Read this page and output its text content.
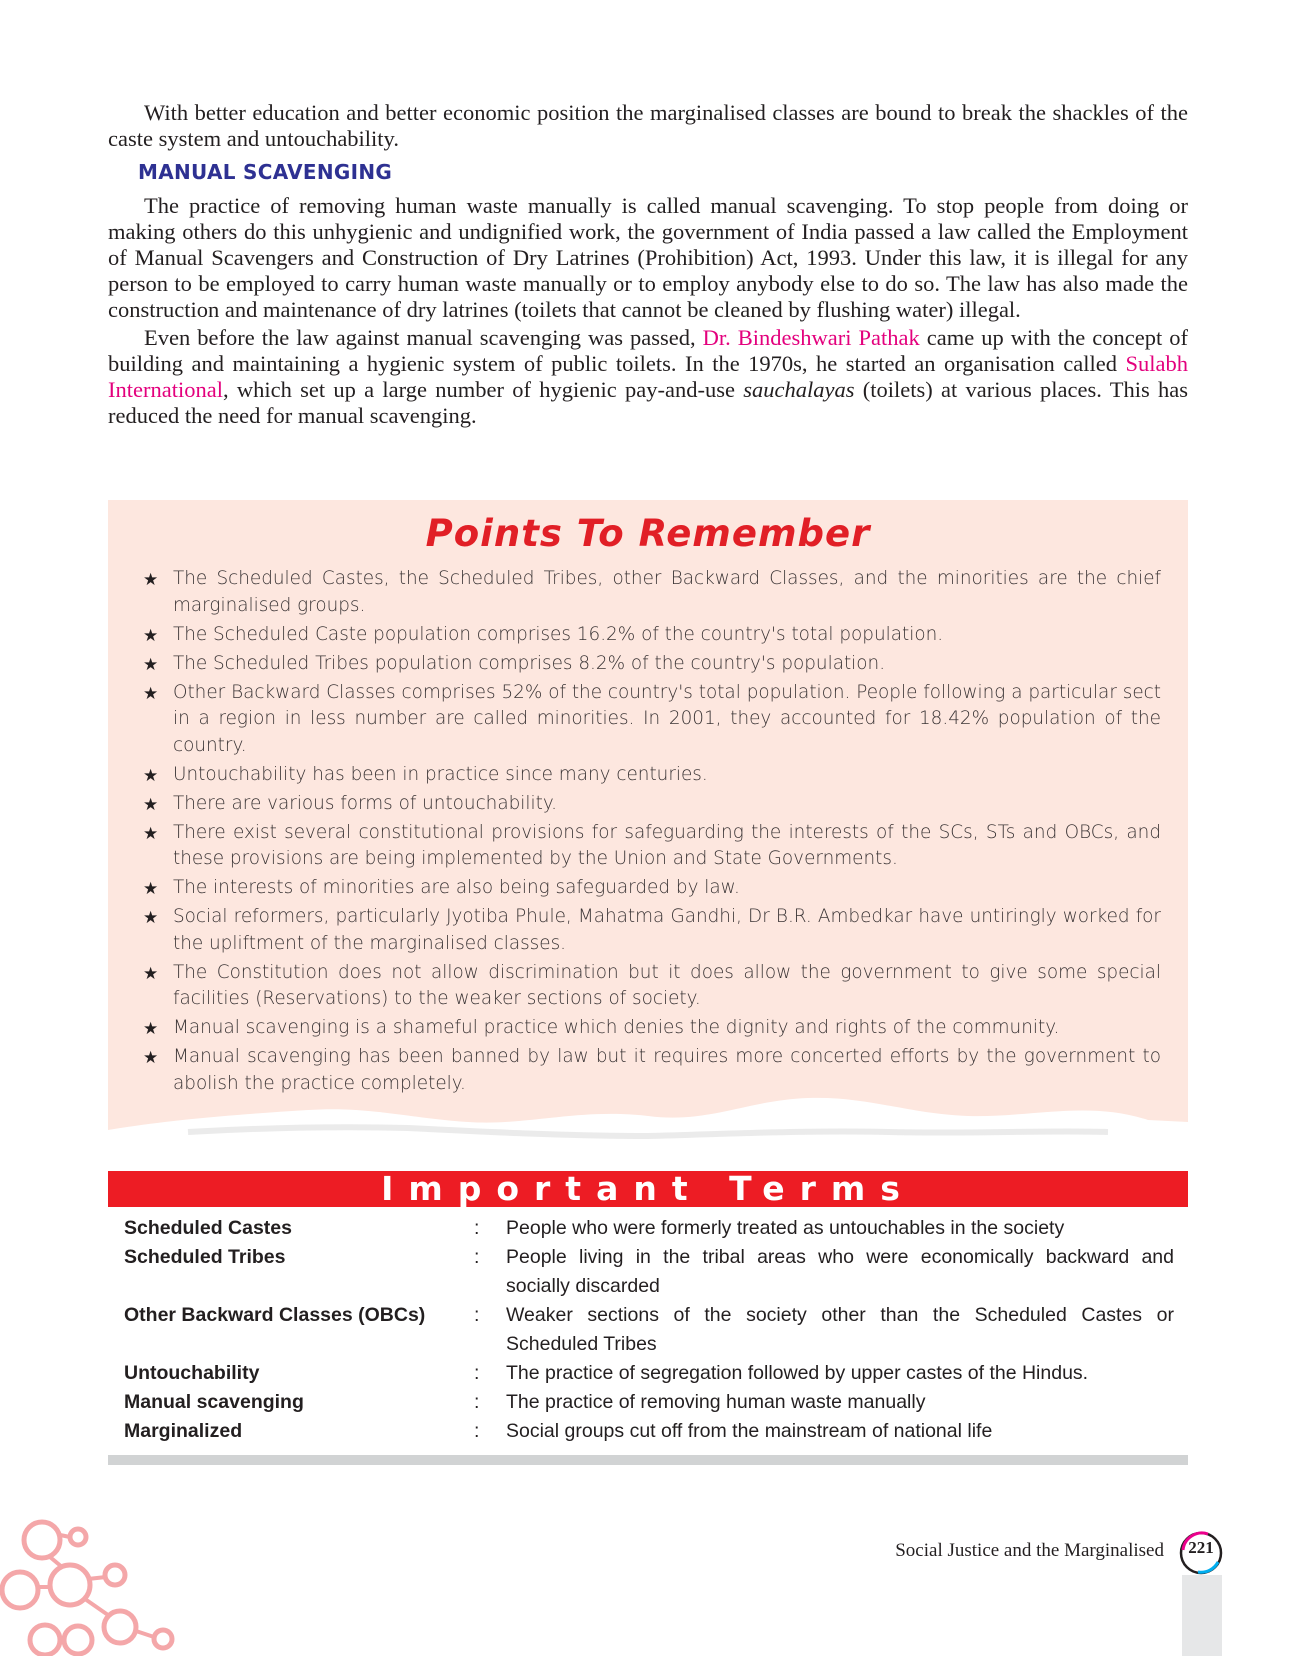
With better education and better economic position the marginalised classes are bound to break the shackles of the caste system and untouchability.

MANUAL SCAVENGING

The practice of removing human waste manually is called manual scavenging. To stop people from doing or making others do this unhygienic and undignified work, the government of India passed a law called the Employment of Manual Scavengers and Construction of Dry Latrines (Prohibition) Act, 1993. Under this law, it is illegal for any person to be employed to carry human waste manually or to employ anybody else to do so. The law has also made the construction and maintenance of dry latrines (toilets that cannot be cleaned by flushing water) illegal.

Even before the law against manual scavenging was passed, Dr. Bindeshwari Pathak came up with the concept of building and maintaining a hygienic system of public toilets. In the 1970s, he started an organisation called Sulabh International, which set up a large number of hygienic pay-and-use sauchalayas (toilets) at various places. This has reduced the need for manual scavenging.

Points To Remember
★ The Scheduled Castes, the Scheduled Tribes, other Backward Classes, and the minorities are the chief marginalised groups.
★ The Scheduled Caste population comprises 16.2% of the country's total population.
★ The Scheduled Tribes population comprises 8.2% of the country's population.
★ Other Backward Classes comprises 52% of the country's total population. People following a particular sect in a region in less number are called minorities. In 2001, they accounted for 18.42% population of the country.
★ Untouchability has been in practice since many centuries.
★ There are various forms of untouchability.
★ There exist several constitutional provisions for safeguarding the interests of the SCs, STs and OBCs, and these provisions are being implemented by the Union and State Governments.
★ The interests of minorities are also being safeguarded by law.
★ Social reformers, particularly Jyotiba Phule, Mahatma Gandhi, Dr B.R. Ambedkar have untiringly worked for the upliftment of the marginalised classes.
★ The Constitution does not allow discrimination but it does allow the government to give some special facilities (Reservations) to the weaker sections of society.
★ Manual scavenging is a shameful practice which denies the dignity and rights of the community.
★ Manual scavenging has been banned by law but it requires more concerted efforts by the government to abolish the practice completely.
Important Terms
Scheduled Castes	:	People who were formerly treated as untouchables in the society
Scheduled Tribes	:	People living in the tribal areas who were economically backward and socially discarded
Other Backward Classes (OBCs)	:	Weaker sections of the society other than the Scheduled Castes or Scheduled Tribes
Untouchability	:	The practice of segregation followed by upper castes of the Hindus.
Manual scavenging	:	The practice of removing human waste manually
Marginalized	:	Social groups cut off from the mainstream of national life
Social Justice and the Marginalised	221
